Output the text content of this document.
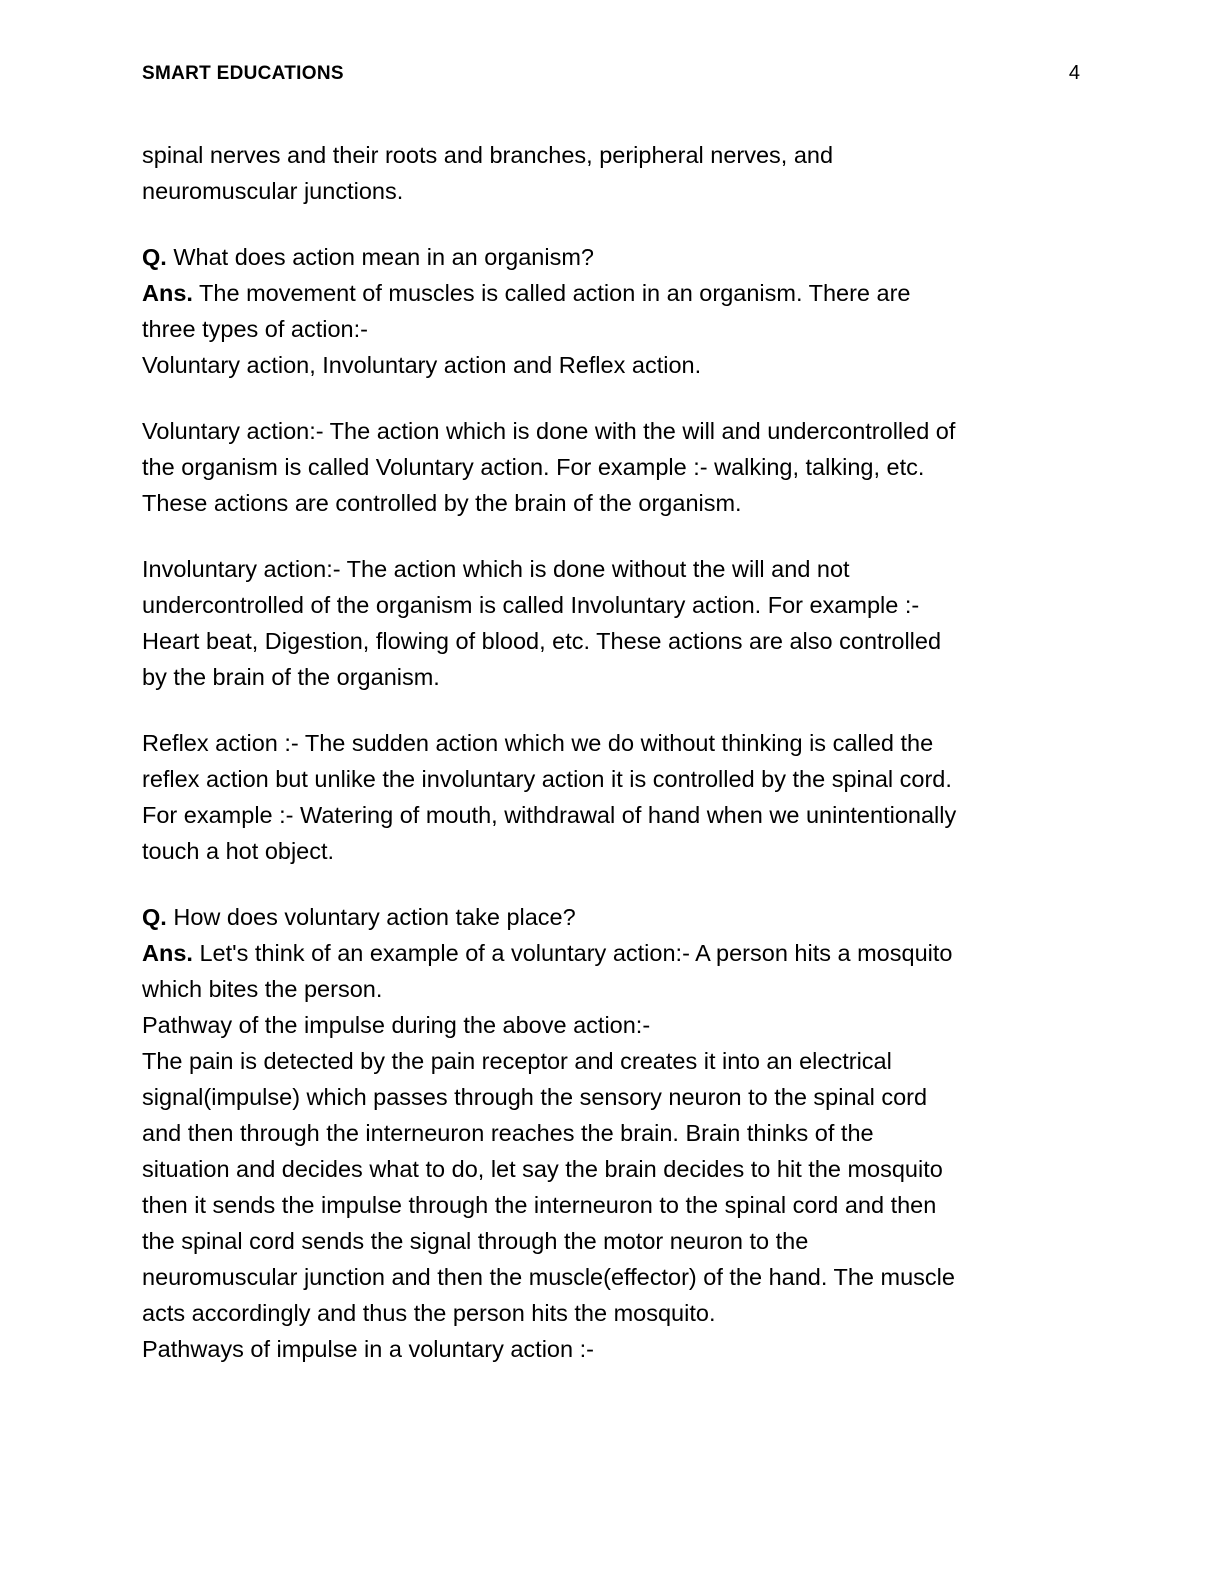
SMART EDUCATIONS	4

spinal nerves and their roots and branches, peripheral nerves, and
neuromuscular junctions.

Q. What does action mean in an organism?
Ans. The movement of muscles is called action in an organism. There are
three types of action:-
Voluntary action, Involuntary action and Reflex action.

Voluntary action:- The action which is done with the will and undercontrolled of
the organism is called Voluntary action. For example :- walking, talking, etc.
These actions are controlled by the brain of the organism.

Involuntary action:- The action which is done without the will and not
undercontrolled of the organism is called Involuntary action. For example :-
Heart beat, Digestion, flowing of blood, etc. These actions are also controlled
by the brain of the organism.

Reflex action :- The sudden action which we do without thinking is called the
reflex action but unlike the involuntary action it is controlled by the spinal cord.
For example :- Watering of mouth, withdrawal of hand when we unintentionally
touch a hot object.

Q. How does voluntary action take place?
Ans. Let's think of an example of a voluntary action:- A person hits a mosquito
which bites the person.
Pathway of the impulse during the above action:-
The pain is detected by the pain receptor and creates it into an electrical
signal(impulse) which passes through the sensory neuron to the spinal cord
and then through the interneuron reaches the brain. Brain thinks of the
situation and decides what to do, let say the brain decides to hit the mosquito
then it sends the impulse through the interneuron to the spinal cord and then
the spinal cord sends the signal through the motor neuron to the
neuromuscular junction and then the muscle(effector) of the hand. The muscle
acts accordingly and thus the person hits the mosquito.
Pathways of impulse in a voluntary action :-
